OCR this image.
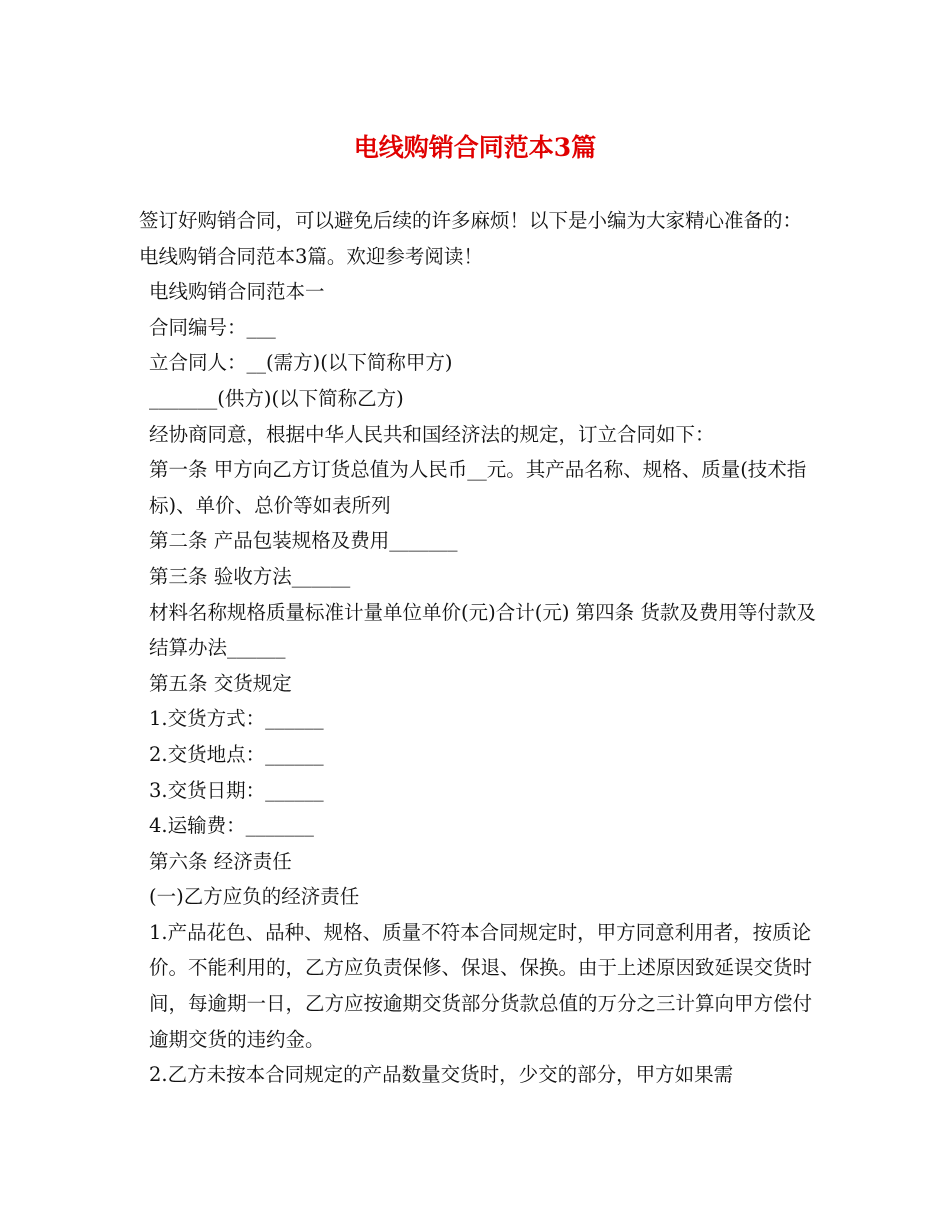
电线购销合同范本3篇

签订好购销合同，可以避免后续的许多麻烦！以下是小编为大家精心准备的：电线购销合同范本3篇。欢迎参考阅读！

电线购销合同范本一

合同编号：___

立合同人：__(需方)(以下简称甲方)

_______(供方)(以下简称乙方)

经协商同意，根据中华人民共和国经济法的规定，订立合同如下：

第一条 甲方向乙方订货总值为人民币__元。其产品名称、规格、质量(技术指标)、单价、总价等如表所列

第二条 产品包装规格及费用_______

第三条 验收方法______

材料名称规格质量标准计量单位单价(元)合计(元) 第四条 货款及费用等付款及结算办法______

第五条 交货规定

1.交货方式：______

2.交货地点：______

3.交货日期：______

4.运输费：_______

第六条 经济责任

(一)乙方应负的经济责任

1.产品花色、品种、规格、质量不符本合同规定时，甲方同意利用者，按质论价。不能利用的，乙方应负责保修、保退、保换。由于上述原因致延误交货时间，每逾期一日，乙方应按逾期交货部分货款总值的万分之三计算向甲方偿付逾期交货的违约金。

2.乙方未按本合同规定的产品数量交货时，少交的部分，甲方如果需
